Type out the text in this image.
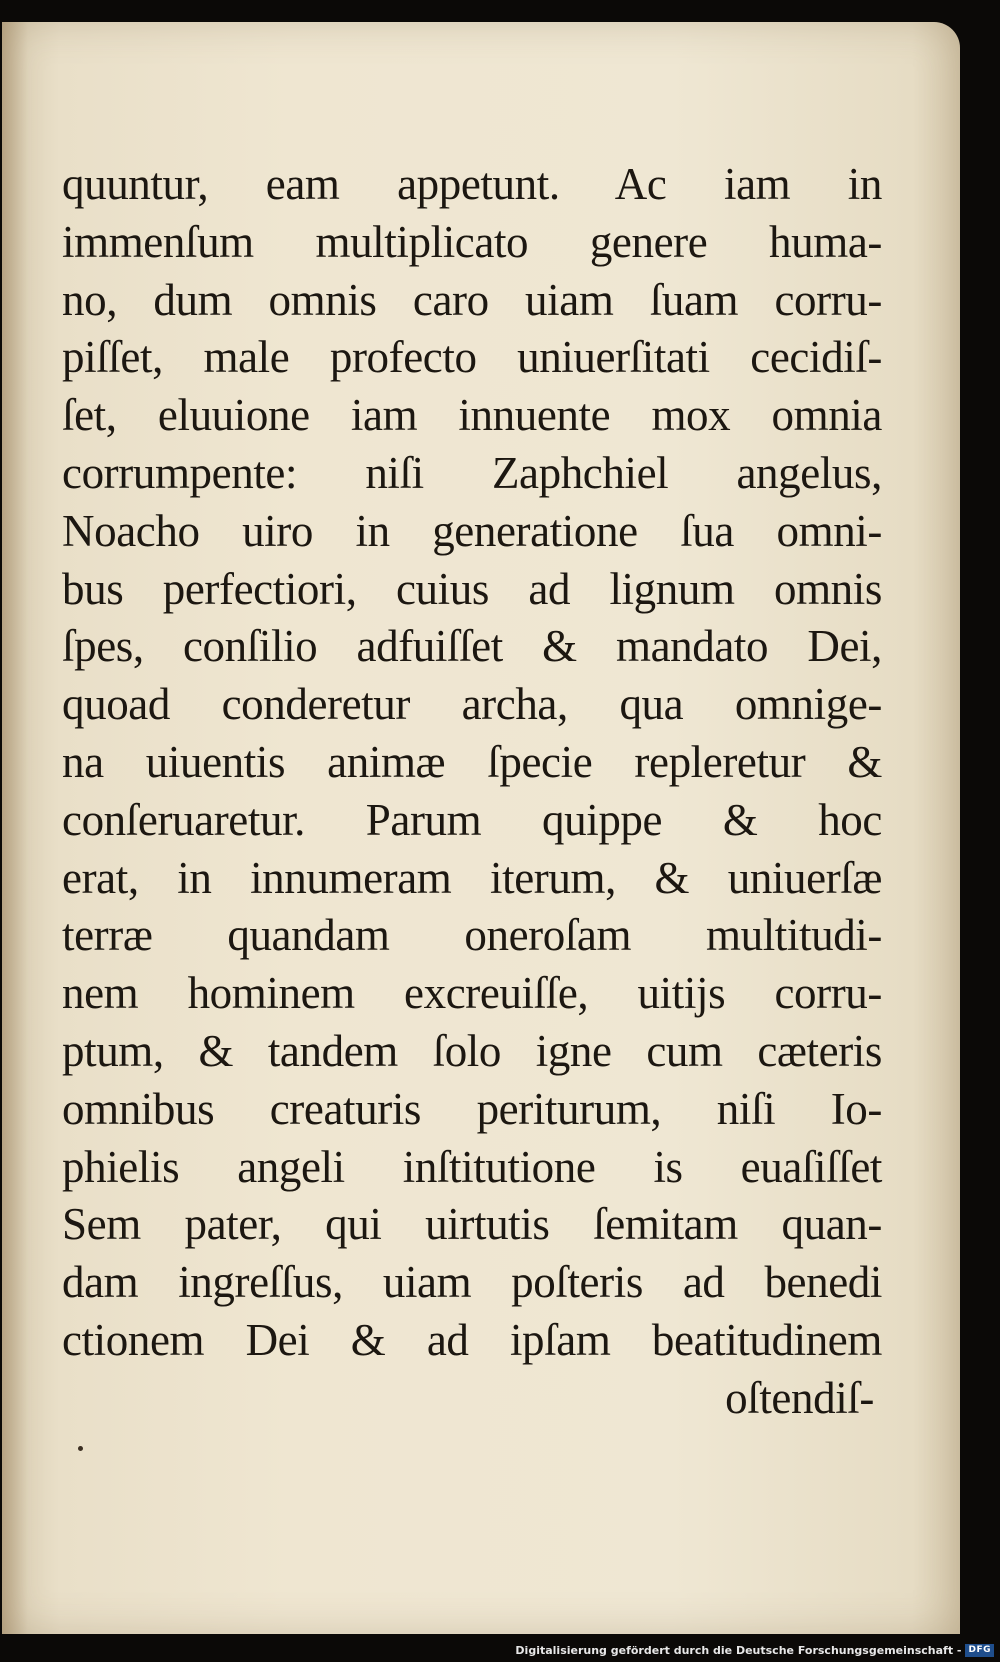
quuntur, eam appetunt. Ac iam in
immenſum multiplicato genere huma-
no, dum omnis caro uiam ſuam corru-
piſſet, male profecto uniuerſitati cecidiſ-
ſet, eluuione iam innuente mox omnia
corrumpente: niſi Zaphchiel angelus,
Noacho uiro in generatione ſua omni-
bus perfectiori, cuius ad lignum omnis
ſpes, conſilio adfuiſſet & mandato Dei,
quoad conderetur archa, qua omnige-
na uiuentis animæ ſpecie repleretur &
conſeruaretur. Parum quippe & hoc
erat, in innumeram iterum, & uniuerſæ
terræ quandam oneroſam multitudi-
nem hominem excreuiſſe, uitijs corru-
ptum, & tandem ſolo igne cum cæteris
omnibus creaturis periturum, niſi Io-
phielis angeli inſtitutione is euaſiſſet
Sem pater, qui uirtutis ſemitam quan-
dam ingreſſus, uiam poſteris ad benedi
ctionem Dei & ad ipſam beatitudinem
oſtendiſ-
Digitalisierung gefördert durch die Deutsche Forschungsgemeinschaft - DFG
